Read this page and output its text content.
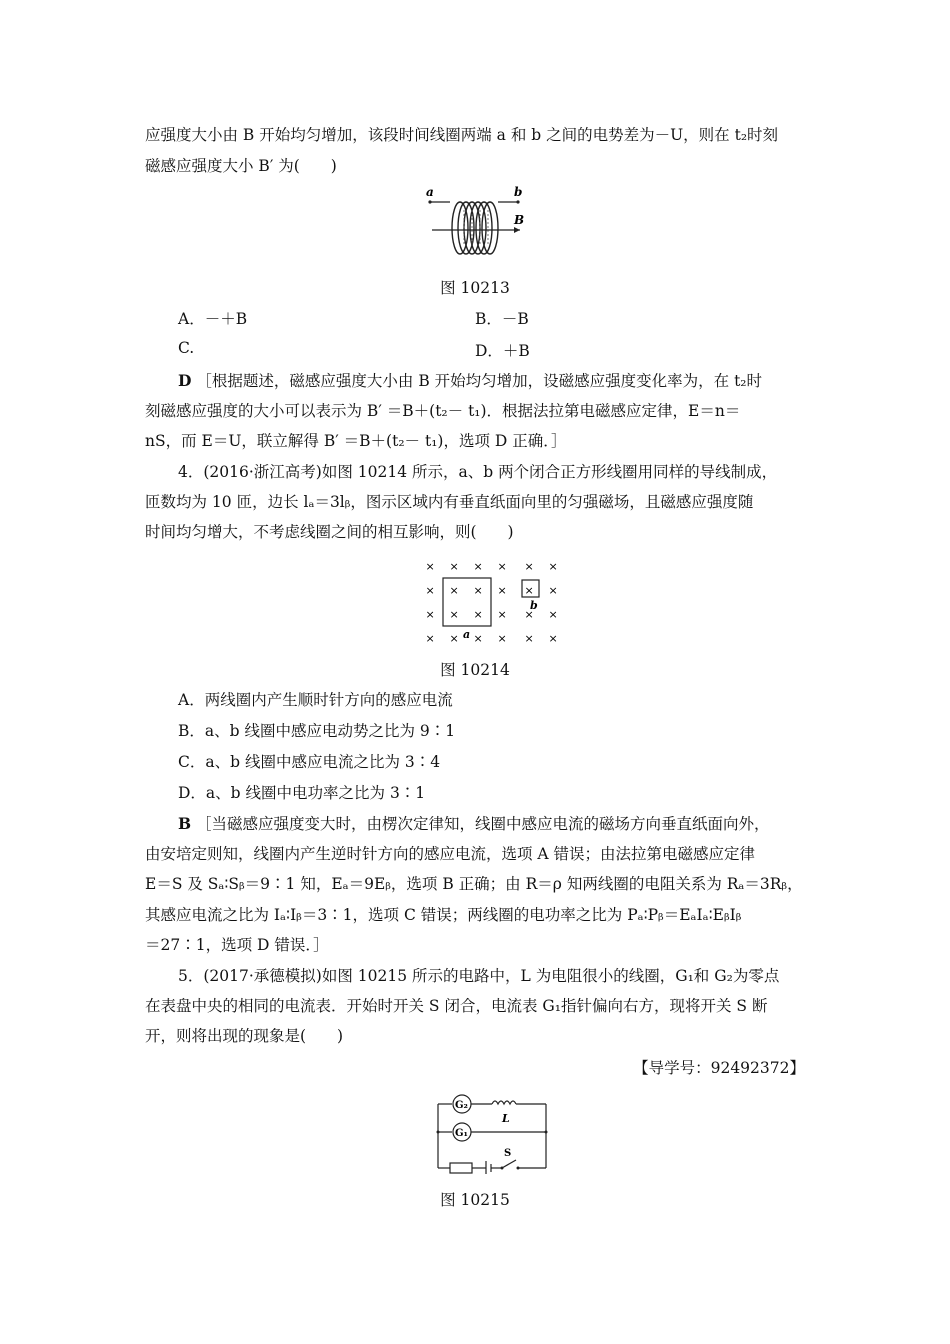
应强度大小由 B 开始均匀增加，该段时间线圈两端 a 和 b 之间的电势差为－U，则在 t₂时刻
磁感应强度大小 B′ 为(　　)
a	b
B
图 10213
A．－＋B	B．－B
C.	D．＋B
D ［根据题述，磁感应强度大小由 B 开始均匀增加，设磁感应强度变化率为，在 t₂时
刻磁感应强度的大小可以表示为 B′ ＝B＋(t₂－ t₁)．根据法拉第电磁感应定律，E＝n＝
nS，而 E＝U，联立解得 B′ ＝B＋(t₂－ t₁)，选项 D 正确．］
4．(2016·浙江高考)如图 10214 所示，a、b 两个闭合正方形线圈用同样的导线制成，
匝数均为 10 匝，边长 lₐ＝3lᵦ，图示区域内有垂直纸面向里的匀强磁场，且磁感应强度随
时间均匀增大，不考虑线圈之间的相互影响，则(　　)
a
b
× × × × × ×
× × × × × ×
× × × × × ×
× × × × × ×
图 10214
A．两线圈内产生顺时针方向的感应电流
B．a、b 线圈中感应电动势之比为 9∶1
C．a、b 线圈中感应电流之比为 3∶4
D．a、b 线圈中电功率之比为 3∶1
B ［当磁感应强度变大时，由楞次定律知，线圈中感应电流的磁场方向垂直纸面向外，
由安培定则知，线圈内产生逆时针方向的感应电流，选项 A 错误；由法拉第电磁感应定律
E＝S 及 Sₐ∶Sᵦ＝9∶1 知，Eₐ＝9Eᵦ，选项 B 正确；由 R＝ρ 知两线圈的电阻关系为 Rₐ＝3Rᵦ，
其感应电流之比为 Iₐ∶Iᵦ＝3∶1，选项 C 错误；两线圈的电功率之比为 Pₐ∶Pᵦ＝EₐIₐ∶EᵦIᵦ
＝27∶1，选项 D 错误．］
5．(2017·承德模拟)如图 10215 所示的电路中，L 为电阻很小的线圈，G₁和 G₂为零点
在表盘中央的相同的电流表．开始时开关 S 闭合，电流表 G₁指针偏向右方，现将开关 S 断
开，则将出现的现象是(　　)
【导学号：92492372】
G₂
G₁
L
S
图 10215
